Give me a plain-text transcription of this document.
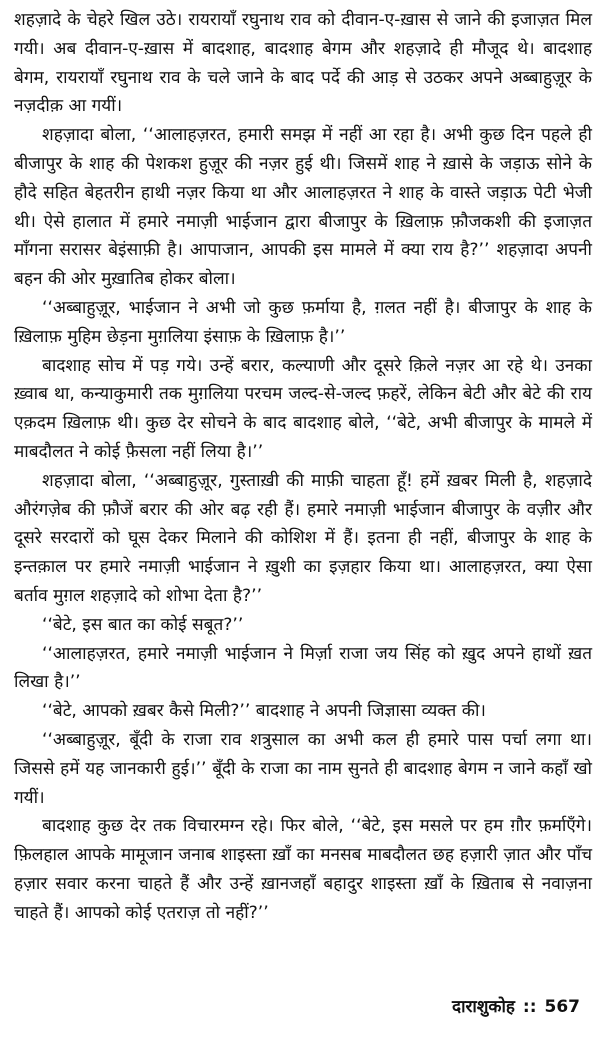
शहज़ादे के चेहरे खिल उठे। रायरायाँ रघुनाथ राव को दीवान-ए-ख़ास से जाने की इजाज़त मिल गयी। अब दीवान-ए-ख़ास में बादशाह, बादशाह बेगम और शहज़ादे ही मौजूद थे। बादशाह बेगम, रायरायाँ रघुनाथ राव के चले जाने के बाद पर्दे की आड़ से उठकर अपने अब्बाहुज़ूर के नज़दीक़ आ गयीं।

शहज़ादा बोला, ‘‘आलाहज़रत, हमारी समझ में नहीं आ रहा है। अभी कुछ दिन पहले ही बीजापुर के शाह की पेशकश हुज़ूर की नज़र हुई थी। जिसमें शाह ने ख़ासे के जड़ाऊ सोने के हौदे सहित बेहतरीन हाथी नज़र किया था और आलाहज़रत ने शाह के वास्ते जड़ाऊ पेटी भेजी थी। ऐसे हालात में हमारे नमाज़ी भाईजान द्वारा बीजापुर के ख़िलाफ़ फ़ौजकशी की इजाज़त माँगना सरासर बेइंसाफ़ी है। आपाजान, आपकी इस मामले में क्या राय है?’’ शहज़ादा अपनी बहन की ओर मुख़ातिब होकर बोला।

‘‘अब्बाहुज़ूर, भाईजान ने अभी जो कुछ फ़र्माया है, ग़लत नहीं है। बीजापुर के शाह के ख़िलाफ़ मुहिम छेड़ना मुग़लिया इंसाफ़ के ख़िलाफ़ है।’’

बादशाह सोच में पड़ गये। उन्हें बरार, कल्याणी और दूसरे क़िले नज़र आ रहे थे। उनका ख़्वाब था, कन्याकुमारी तक मुग़लिया परचम जल्द-से-जल्द फ़हरें, लेकिन बेटी और बेटे की राय एक़दम ख़िलाफ़ थी। कुछ देर सोचने के बाद बादशाह बोले, ‘‘बेटे, अभी बीजापुर के मामले में माबदौलत ने कोई फ़ैसला नहीं लिया है।’’

शहज़ादा बोला, ‘‘अब्बाहुज़ूर, गुस्ताख़ी की माफ़ी चाहता हूँ! हमें ख़बर मिली है, शहज़ादे औरंगज़ेब की फ़ौजें बरार की ओर बढ़ रही हैं। हमारे नमाज़ी भाईजान बीजापुर के वज़ीर और दूसरे सरदारों को घूस देकर मिलाने की कोशिश में हैं। इतना ही नहीं, बीजापुर के शाह के इन्तक़ाल पर हमारे नमाज़ी भाईजान ने ख़ुशी का इज़हार किया था। आलाहज़रत, क्या ऐसा बर्ताव मुग़ल शहज़ादे को शोभा देता है?’’

‘‘बेटे, इस बात का कोई सबूत?’’

‘‘आलाहज़रत, हमारे नमाज़ी भाईजान ने मिर्ज़ा राजा जय सिंह को ख़ुद अपने हाथों ख़त लिखा है।’’

‘‘बेटे, आपको ख़बर कैसे मिली?’’ बादशाह ने अपनी जिज्ञासा व्यक्त की।

‘‘अब्बाहुज़ूर, बूँदी के राजा राव शत्रुसाल का अभी कल ही हमारे पास पर्चा लगा था। जिससे हमें यह जानकारी हुई।’’ बूँदी के राजा का नाम सुनते ही बादशाह बेगम न जाने कहाँ खो गयीं।

बादशाह कुछ देर तक विचारमग्न रहे। फिर बोले, ‘‘बेटे, इस मसले पर हम ग़ौर फ़र्माएँगे। फ़िलहाल आपके मामूजान जनाब शाइस्ता ख़ाँ का मनसब माबदौलत छह हज़ारी ज़ात और पाँच हज़ार सवार करना चाहते हैं और उन्हें ख़ानजहाँ बहादुर शाइस्ता ख़ाँ के ख़िताब से नवाज़ना चाहते हैं। आपको कोई एतराज़ तो नहीं?’’

दाराशुकोह :: 567
